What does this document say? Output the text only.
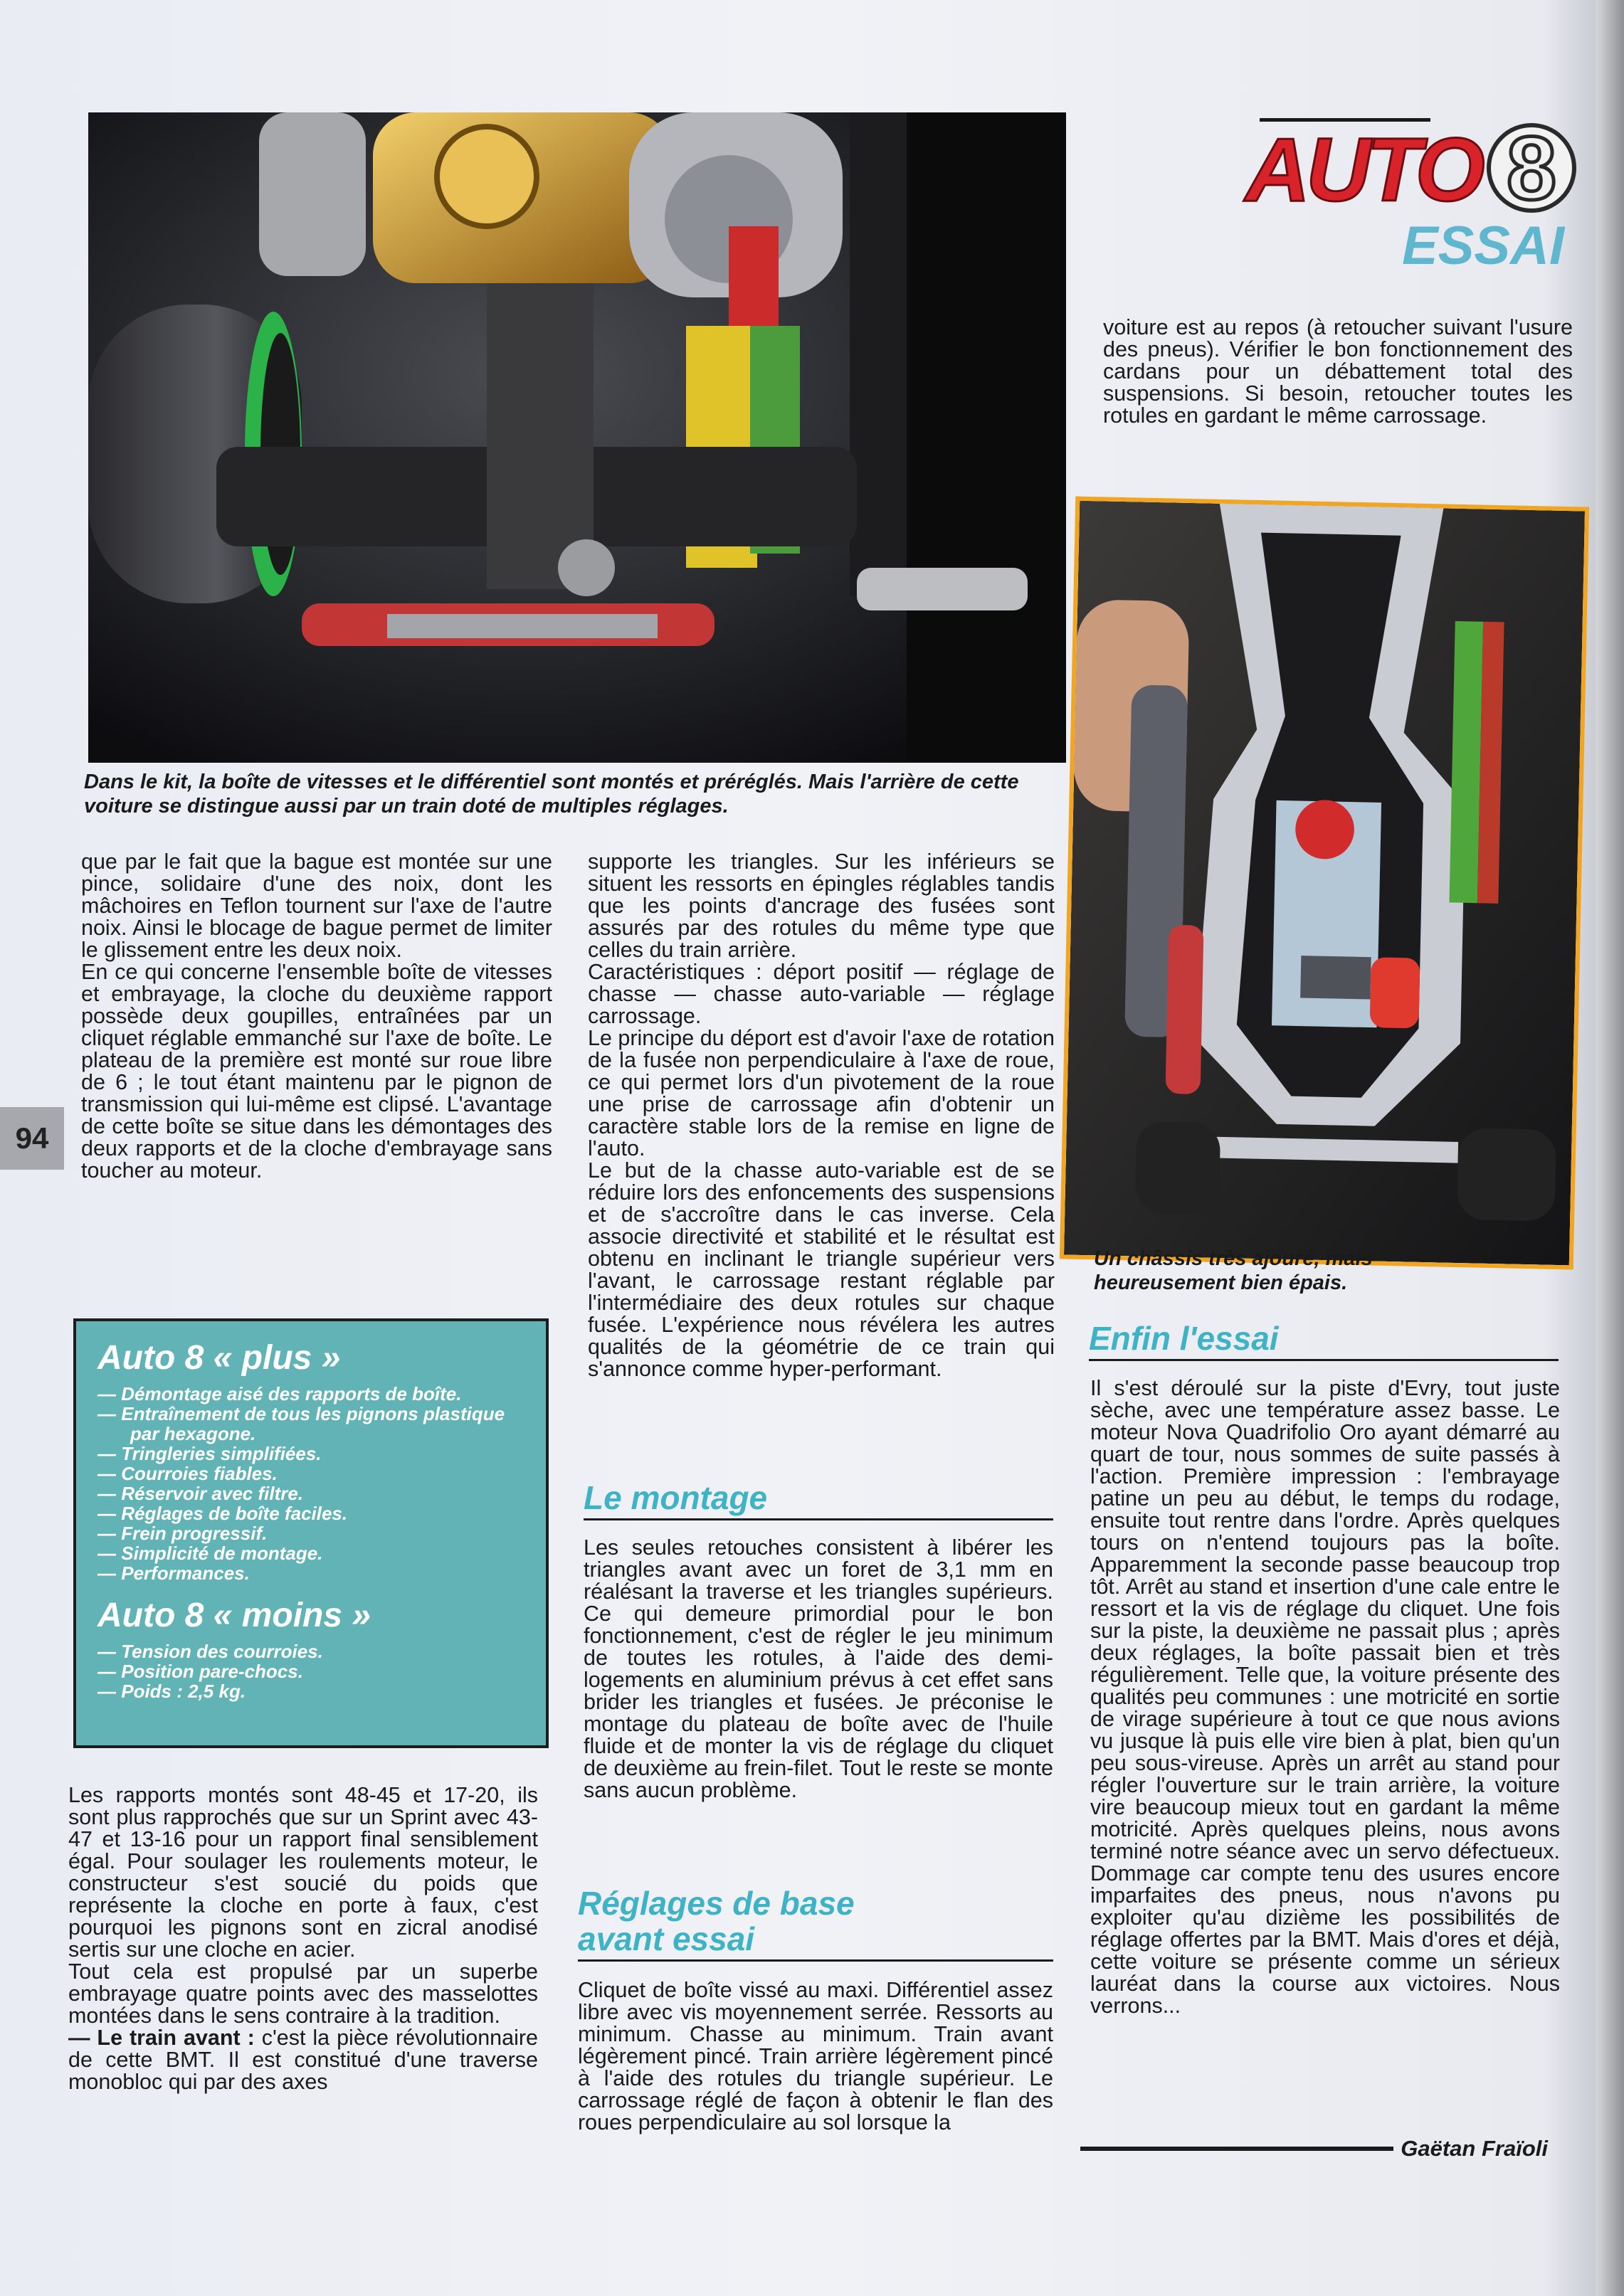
AUTO 8

ESSAI

Dans le kit, la boîte de vitesses et le différentiel sont montés et préréglés. Mais l'arrière de cette voiture se distingue aussi par un train doté de multiples réglages.

Un châssis très ajouré, mais heureusement bien épais.

94

que par le fait que la bague est montée sur une pince, solidaire d'une des noix, dont les mâchoires en Teflon tournent sur l'axe de l'autre noix. Ainsi le blocage de bague permet de limiter le glissement entre les deux noix.

En ce qui concerne l'ensemble boîte de vitesses et embrayage, la cloche du deuxième rapport possède deux goupilles, entraînées par un cliquet réglable emmanché sur l'axe de boîte. Le plateau de la première est monté sur roue libre de 6 ; le tout étant maintenu par le pignon de transmission qui lui-même est clipsé. L'avantage de cette boîte se situe dans les démontages des deux rapports et de la cloche d'embrayage sans toucher au moteur.

Auto 8 « plus »
— Démontage aisé des rapports de boîte.
— Entraînement de tous les pignons plastique par hexagone.
— Tringleries simplifiées.
— Courroies fiables.
— Réservoir avec filtre.
— Réglages de boîte faciles.
— Frein progressif.
— Simplicité de montage.
— Performances.
Auto 8 « moins »
— Tension des courroies.
— Position pare-chocs.
— Poids : 2,5 kg.

Les rapports montés sont 48-45 et 17-20, ils sont plus rapprochés que sur un Sprint avec 43-47 et 13-16 pour un rapport final sensiblement égal. Pour soulager les roulements moteur, le constructeur s'est soucié du poids que représente la cloche en porte à faux, c'est pourquoi les pignons sont en zicral anodisé sertis sur une cloche en acier.

Tout cela est propulsé par un superbe embrayage quatre points avec des masselottes montées dans le sens contraire à la tradition.

— Le train avant : c'est la pièce révolutionnaire de cette BMT. Il est constitué d'une traverse monobloc qui par des axes

supporte les triangles. Sur les inférieurs se situent les ressorts en épingles réglables tandis que les points d'ancrage des fusées sont assurés par des rotules du même type que celles du train arrière.

Caractéristiques : déport positif — réglage de chasse — chasse auto-variable — réglage carrossage.

Le principe du déport est d'avoir l'axe de rotation de la fusée non perpendiculaire à l'axe de roue, ce qui permet lors d'un pivotement de la roue une prise de carrossage afin d'obtenir un caractère stable lors de la remise en ligne de l'auto.

Le but de la chasse auto-variable est de se réduire lors des enfoncements des suspensions et de s'accroître dans le cas inverse. Cela associe directivité et stabilité et le résultat est obtenu en inclinant le triangle supérieur vers l'avant, le carrossage restant réglable par l'intermédiaire des deux rotules sur chaque fusée. L'expérience nous révélera les autres qualités de la géométrie de ce train qui s'annonce comme hyper-performant.

Le montage

Les seules retouches consistent à libérer les triangles avant avec un foret de 3,1 mm en réalésant la traverse et les triangles supérieurs. Ce qui demeure primordial pour le bon fonctionnement, c'est de régler le jeu minimum de toutes les rotules, à l'aide des demi-logements en aluminium prévus à cet effet sans brider les triangles et fusées. Je préconise le montage du plateau de boîte avec de l'huile fluide et de monter la vis de réglage du cliquet de deuxième au frein-filet. Tout le reste se monte sans aucun problème.

Réglages de base
avant essai

Cliquet de boîte vissé au maxi. Différentiel assez libre avec vis moyennement serrée. Ressorts au minimum. Chasse au minimum. Train avant légèrement pincé. Train arrière légèrement pincé à l'aide des rotules du triangle supérieur. Le carrossage réglé de façon à obtenir le flan des roues perpendiculaire au sol lorsque la

voiture est au repos (à retoucher suivant l'usure des pneus). Vérifier le bon fonctionnement des cardans pour un débattement total des suspensions. Si besoin, retoucher toutes les rotules en gardant le même carrossage.

Enfin l'essai

Il s'est déroulé sur la piste d'Evry, tout juste sèche, avec une température assez basse. Le moteur Nova Quadrifolio Oro ayant démarré au quart de tour, nous sommes de suite passés à l'action. Première impression : l'embrayage patine un peu au début, le temps du rodage, ensuite tout rentre dans l'ordre. Après quelques tours on n'entend toujours pas la boîte. Apparemment la seconde passe beaucoup trop tôt. Arrêt au stand et insertion d'une cale entre le ressort et la vis de réglage du cliquet. Une fois sur la piste, la deuxième ne passait plus ; après deux réglages, la boîte passait bien et très régulièrement. Telle que, la voiture présente des qualités peu communes : une motricité en sortie de virage supérieure à tout ce que nous avions vu jusque là puis elle vire bien à plat, bien qu'un peu sous-vireuse. Après un arrêt au stand pour régler l'ouverture sur le train arrière, la voiture vire beaucoup mieux tout en gardant la même motricité. Après quelques pleins, nous avons terminé notre séance avec un servo défectueux. Dommage car compte tenu des usures encore imparfaites des pneus, nous n'avons pu exploiter qu'au dizième les possibilités de réglage offertes par la BMT. Mais d'ores et déjà, cette voiture se présente comme un sérieux lauréat dans la course aux victoires. Nous verrons...

Gaëtan Fraïoli
